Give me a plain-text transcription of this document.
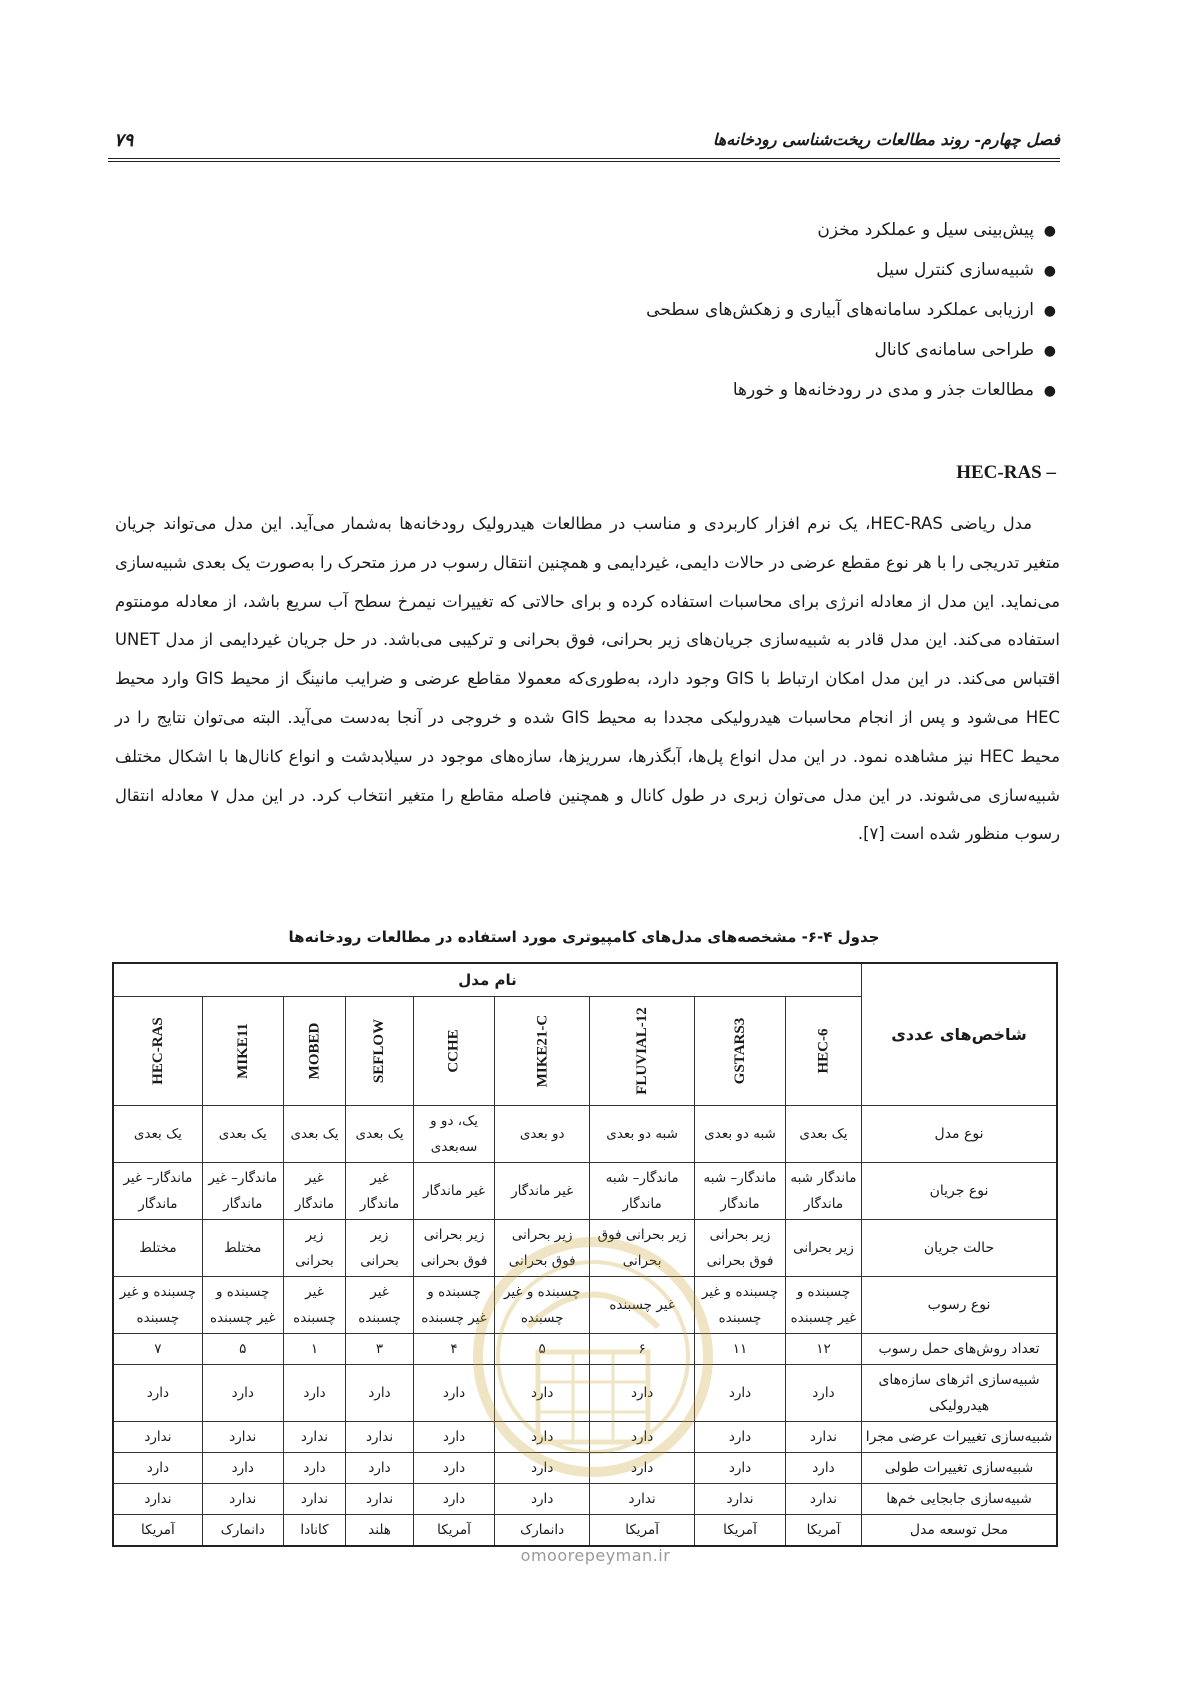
فصل چهارم- روند مطالعات ریخت‌شناسی رودخانه‌ها
۷۹
●پیش‌بینی سیل و عملکرد مخزن
●شبیه‌سازی کنترل سیل
●ارزیابی عملکرد سامانه‌های آبیاری و زهکش‌های سطحی
●طراحی سامانه‌ی کانال
●مطالعات جذر و مدی در رودخانه‌ها و خورها
HEC-RAS –

مدل ریاضی HEC-RAS، یک نرم افزار کاربردی و مناسب در مطالعات هیدرولیک رودخانه‌ها به‌شمار می‌آید. این مدل می‌تواند جریان متغیر تدریجی را با هر نوع مقطع عرضی در حالات دایمی، غیردایمی و همچنین انتقال رسوب در مرز متحرک را به‌صورت یک بعدی شبیه‌سازی می‌نماید. این مدل از معادله انرژی برای محاسبات استفاده کرده و برای حالاتی که تغییرات نیمرخ سطح آب سریع باشد، از معادله مومنتوم استفاده می‌کند. این مدل قادر به شبیه‌سازی جریان‌های زیر بحرانی، فوق بحرانی و ترکیبی می‌باشد. در حل جریان غیردایمی از مدل UNET اقتباس می‌کند. در این مدل امکان ارتباط با GIS وجود دارد، به‌طوری‌که معمولا مقاطع عرضی و ضرایب مانینگ از محیط GIS وارد محیط HEC می‌شود و پس از انجام محاسبات هیدرولیکی مجددا به محیط GIS شده و خروجی در آنجا به‌دست می‌آید. البته می‌توان نتایج را در محیط HEC نیز مشاهده نمود. در این مدل انواع پل‌ها، آبگذرها، سرریزها، سازه‌های موجود در سیلابدشت و انواع کانال‌ها با اشکال مختلف شبیه‌سازی می‌شوند. در این مدل می‌توان زبری در طول کانال و همچنین فاصله مقاطع را متغیر انتخاب کرد. در این مدل ۷ معادله انتقال رسوب منظور شده است [۷].

جدول ۴-۶- مشخصه‌های مدل‌های کامپیوتری مورد استفاده در مطالعات رودخانه‌ها
شاخص‌های عددی	نام مدل								
	HEC-6	GSTARS3	FLUVIAL-12	MIKE21-C	CCHE	SEFLOW	MOBED	MIKE11	HEC-RAS
نوع مدل	یک بعدی	شبه دو بعدی	شبه دو بعدی	دو بعدی	یک، دو و سه‌بعدی	یک بعدی	یک بعدی	یک بعدی	یک بعدی
نوع جریان	ماندگار شبه ماندگار	ماندگار– شبه ماندگار	ماندگار– شبه ماندگار	غیر ماندگار	غیر ماندگار	غیر ماندگار	غیر ماندگار	ماندگار– غیر ماندگار	ماندگار– غیر ماندگار
حالت جریان	زیر بحرانی	زیر بحرانی فوق بحرانی	زیر بحرانی فوق بحرانی	زیر بحرانی فوق بحرانی	زیر بحرانی فوق بحرانی	زیر بحرانی	زیر بحرانی	مختلط	مختلط
نوع رسوب	چسبنده و غیر چسبنده	چسبنده و غیر چسبنده	غیر چسبنده	چسبنده و غیر چسبنده	چسبنده و غیر چسبنده	غیر چسبنده	غیر چسبنده	چسبنده و غیر چسبنده	چسبنده و غیر چسبنده
تعداد روش‌های حمل رسوب	۱۲	۱۱	۶	۵	۴	۳	۱	۵	۷
شبیه‌سازی اثرهای سازه‌های هیدرولیکی	دارد	دارد	دارد	دارد	دارد	دارد	دارد	دارد	دارد
شبیه‌سازی تغییرات عرضی مجرا	ندارد	دارد	دارد	دارد	دارد	ندارد	ندارد	ندارد	ندارد
شبیه‌سازی تغییرات طولی	دارد	دارد	دارد	دارد	دارد	دارد	دارد	دارد	دارد
شبیه‌سازی جابجایی خم‌ها	ندارد	ندارد	ندارد	دارد	دارد	ندارد	ندارد	ندارد	ندارد
محل توسعه مدل	آمریکا	آمریکا	آمریکا	دانمارک	آمریکا	هلند	کانادا	دانمارک	آمریکا
omoorepeyman.ir
